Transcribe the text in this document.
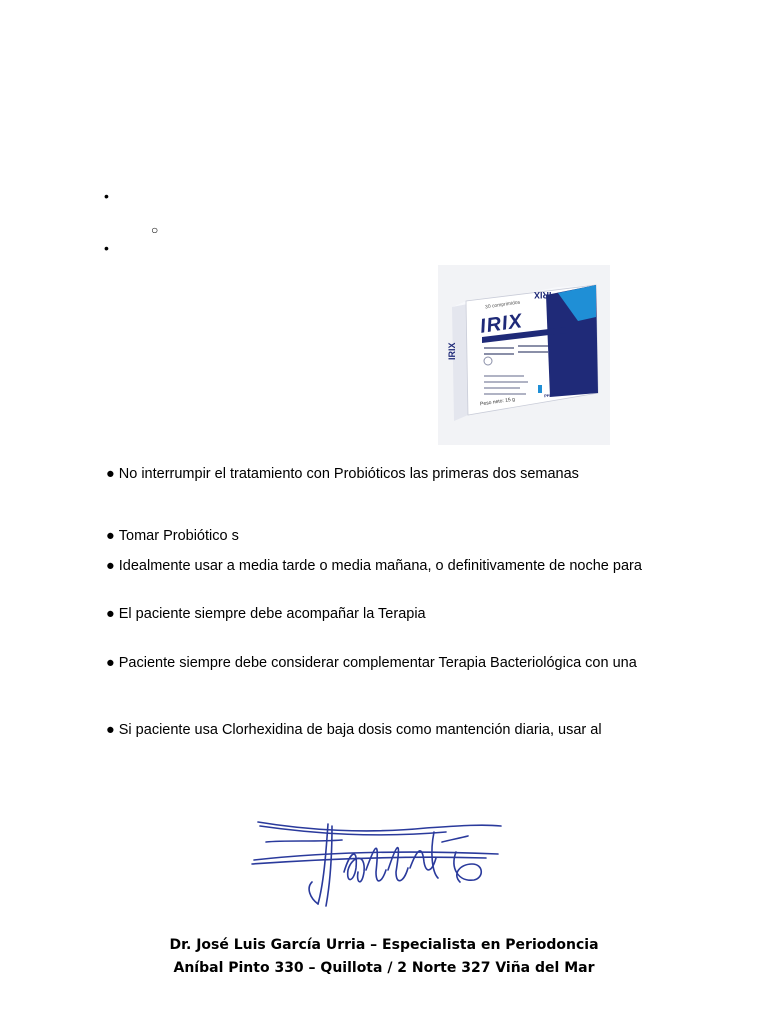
•
○
•
30 comprimidos
IRIX
IRIX
IRIX
Peso neto: 15 g
PHARMA INVESTI
● No interrumpir el tratamiento con Probióticos las primeras dos semanas
● Tomar Probiótico s
● Idealmente usar a media tarde o media mañana, o definitivamente de noche para
● El paciente siempre debe acompañar la Terapia
● Paciente siempre debe considerar complementar Terapia Bacteriológica con una
● Si paciente usa Clorhexidina de baja dosis como mantención diaria, usar al
Dr. José Luis García Urria – Especialista en Periodoncia
Aníbal Pinto 330 – Quillota / 2 Norte 327 Viña del Mar
